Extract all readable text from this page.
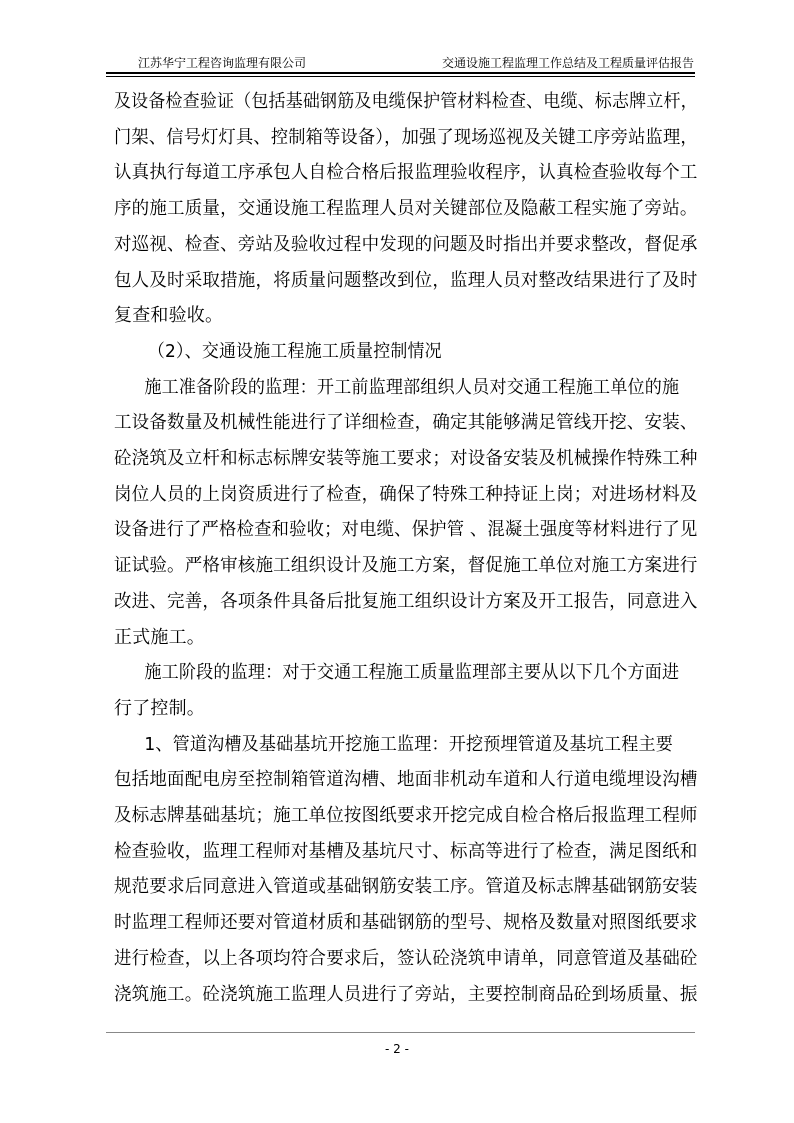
江苏华宁工程咨询监理有限公司	交通设施工程监理工作总结及工程质量评估报告
及设备检查验证（包括基础钢筋及电缆保护管材料检查、电缆、标志牌立杆，
门架、信号灯灯具、控制箱等设备），加强了现场巡视及关键工序旁站监理，
认真执行每道工序承包人自检合格后报监理验收程序，认真检查验收每个工
序的施工质量，交通设施工程监理人员对关键部位及隐蔽工程实施了旁站。
对巡视、检查、旁站及验收过程中发现的问题及时指出并要求整改，督促承
包人及时采取措施，将质量问题整改到位，监理人员对整改结果进行了及时
复查和验收。
（2）、交通设施工程施工质量控制情况
施工准备阶段的监理：开工前监理部组织人员对交通工程施工单位的施
工设备数量及机械性能进行了详细检查，确定其能够满足管线开挖、安装、
砼浇筑及立杆和标志标牌安装等施工要求；对设备安装及机械操作特殊工种
岗位人员的上岗资质进行了检查，确保了特殊工种持证上岗；对进场材料及
设备进行了严格检查和验收；对电缆、保护管 、混凝土强度等材料进行了见
证试验。严格审核施工组织设计及施工方案，督促施工单位对施工方案进行
改进、完善，各项条件具备后批复施工组织设计方案及开工报告，同意进入
正式施工。
施工阶段的监理：对于交通工程施工质量监理部主要从以下几个方面进
行了控制。
1、管道沟槽及基础基坑开挖施工监理：开挖预埋管道及基坑工程主要
包括地面配电房至控制箱管道沟槽、地面非机动车道和人行道电缆埋设沟槽
及标志牌基础基坑；施工单位按图纸要求开挖完成自检合格后报监理工程师
检查验收，监理工程师对基槽及基坑尺寸、标高等进行了检查，满足图纸和
规范要求后同意进入管道或基础钢筋安装工序。管道及标志牌基础钢筋安装
时监理工程师还要对管道材质和基础钢筋的型号、规格及数量对照图纸要求
进行检查，以上各项均符合要求后，签认砼浇筑申请单，同意管道及基础砼
浇筑施工。砼浇筑施工监理人员进行了旁站，主要控制商品砼到场质量、振
- 2 -
